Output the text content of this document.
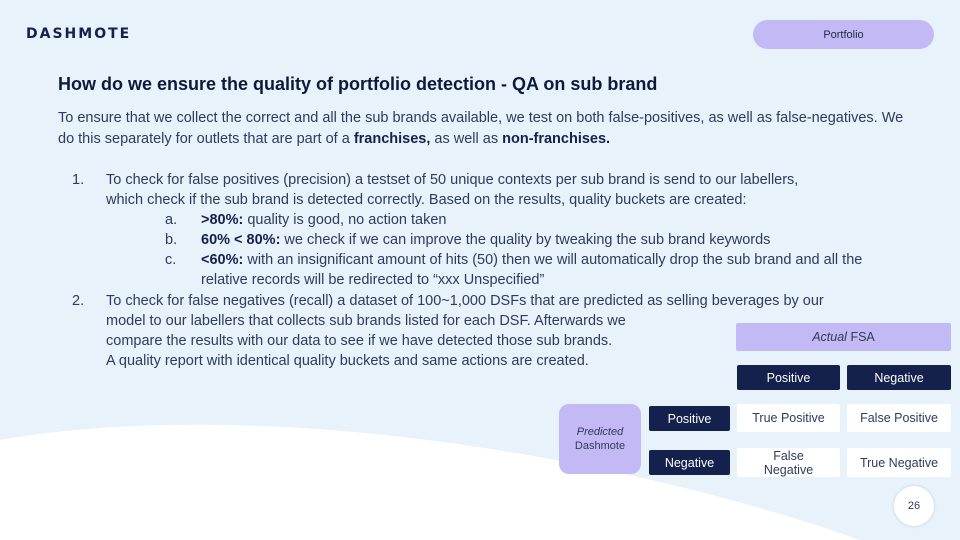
DASHMOTE	Portfolio
How do we ensure the quality of portfolio detection - QA on sub brand
To ensure that we collect the correct and all the sub brands available, we test on both false-positives, as well as false-negatives. We do this separately for outlets that are part of a franchises, as well as non-franchises.
1. To check for false positives (precision) a testset of 50 unique contexts per sub brand is send to our labellers,
which check if the sub brand is detected correctly. Based on the results, quality buckets are created:
a. >80%: quality is good, no action taken
b. 60% < 80%: we check if we can improve the quality by tweaking the sub brand keywords
c. <60%: with an insignificant amount of hits (50) then we will automatically drop the sub brand and all the relative records will be redirected to “xxx Unspecified”
2. To check for false negatives (recall) a dataset of 100~1,000 DSFs that are predicted as selling beverages by our
model to our labellers that collects sub brands listed for each DSF. Afterwards we
compare the results with our data to see if we have detected those sub brands.
A quality report with identical quality buckets and same actions are created.
Actual FSA
Positive	Negative
Predicted
Dashmote
Positive	True Positive	False Positive
Negative	False Negative	True Negative
26
